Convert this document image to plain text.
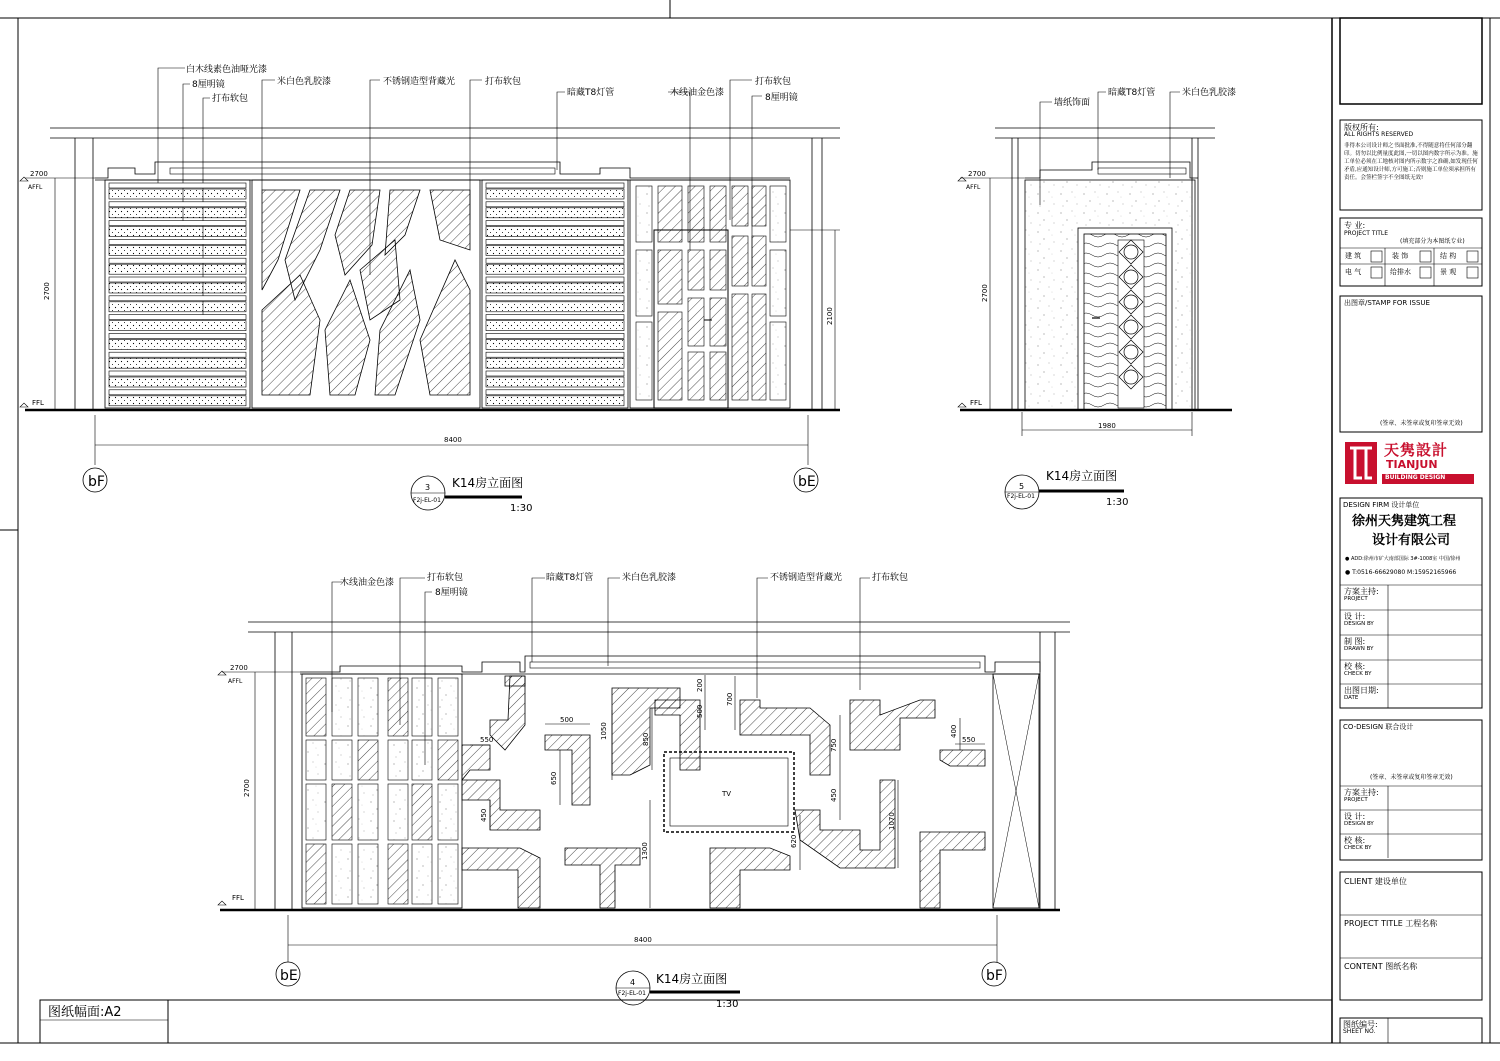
图纸幅面:A2
白木线素色油哑光漆
8厘明镜
打布软包
米白色乳胶漆	不锈钢造型背藏光	打布软包
暗藏T8灯管	木线油金色漆
打布软包
8厘明镜
2700
AFFL
FFL
2700
2100
8400
bF	bE
3
F2j-EL-01
K14房立面图
1:30
墙纸饰面
暗藏T8灯管	米白色乳胶漆
2700
AFFL
FFL
2700
1980
5
F2j-EL-01
K14房立面图
1:30
木线油金色漆	打布软包
8厘明镜
暗藏T8灯管	米白色乳胶漆	不锈钢造型背藏光	打布软包
TV
2700
AFFL
FFL
2700
500
550	1050
650
850
450
200
500
700
1300
750
450
620
1070
400
550
8400
bE	bF
4
F2j-EL-01
K14房立面图
1:30
版权所有:
ALL RIGHTS RESERVED
非得本公司设计师之书面批准,不得随意将任何部分翻印。切勿以比例量度此图,一切以图内数字所示为准。施工单位必须在工地核对图内所示数字之准确,如发现任何矛盾,应通知设计师,方可施工;否则施工单位须承担所有责任。会签栏签字不全图纸无效!
专 业:
PROJECT TITLE
(填充部分为本图纸专业)
建 筑	装 饰	结 构
电 气	给排水	景 观
出图章/STAMP FOR ISSUE
(签章、未签章或复印签章无效)
天隽設計
TIANJUN
BUILDING DESIGN
DESIGN FIRM 设计单位
徐州天隽建筑工程
设计有限公司
● ADD:徐州市矿大南部国际 3#-1008室 中国/徐州
● T:0516-66629080 M:15952165966
方案主持:
PROJECT
设 计:
DESIGN BY
制 图:
DRAWN BY
校 核:
CHECK BY
出图日期:
DATE
CO-DESIGN 联合设计
(签章、未签章或复印签章无效)
方案主持:
PROJECT
设 计:
DESIGN BY
校 核:
CHECK BY
CLIENT 建设单位
PROJECT TITLE 工程名称
CONTENT 图纸名称
图纸编号:
SHEET NO.
